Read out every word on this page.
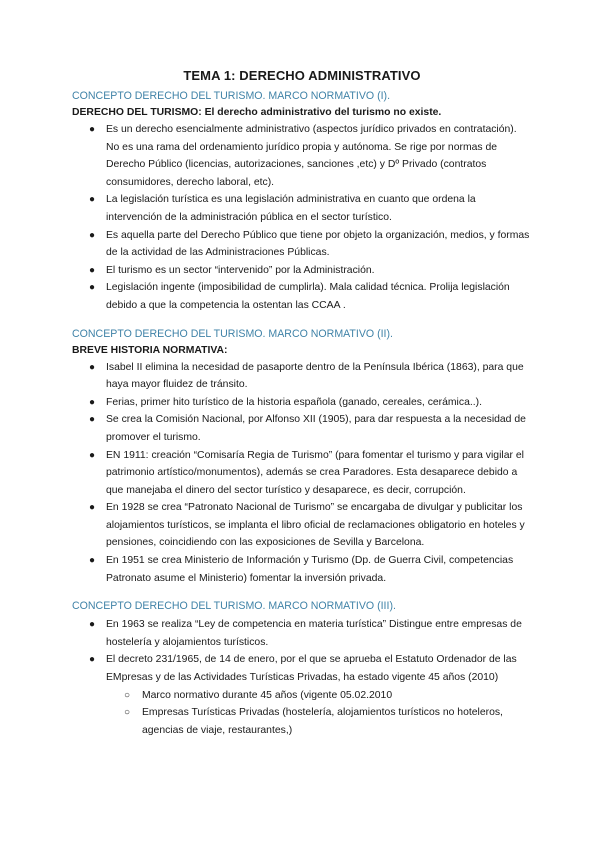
TEMA 1: DERECHO ADMINISTRATIVO
CONCEPTO DERECHO DEL TURISMO. MARCO NORMATIVO (I).
DERECHO DEL TURISMO: El derecho administrativo del turismo no existe.
● Es un derecho esencialmente administrativo (aspectos jurídico privados en contratación). No es una rama del ordenamiento jurídico propia y autónoma. Se rige por normas de Derecho Público (licencias, autorizaciones, sanciones ,etc) y Dº Privado (contratos consumidores, derecho laboral, etc).
● La legislación turística es una legislación administrativa en cuanto que ordena la intervención de la administración pública en el sector turístico.
● Es aquella parte del Derecho Público que tiene por objeto la organización, medios, y formas de la actividad de las Administraciones Públicas.
● El turismo es un sector “intervenido” por la Administración.
● Legislación ingente (imposibilidad de cumplirla). Mala calidad técnica. Prolija legislación debido a que la competencia la ostentan las CCAA .
CONCEPTO DERECHO DEL TURISMO. MARCO NORMATIVO (II).
BREVE HISTORIA NORMATIVA:
● Isabel II elimina la necesidad de pasaporte dentro de la Península Ibérica (1863), para que haya mayor fluidez de tránsito.
● Ferias, primer hito turístico de la historia española (ganado, cereales, cerámica..).
● Se crea la Comisión Nacional, por Alfonso XII (1905), para dar respuesta a la necesidad de promover el turismo.
● EN 1911: creación “Comisaría Regia de Turismo” (para fomentar el turismo y para vigilar el patrimonio artístico/monumentos), además se crea Paradores. Esta desaparece debido a que manejaba el dinero del sector turístico y desaparece, es decir, corrupción.
● En 1928 se crea “Patronato Nacional de Turismo” se encargaba de divulgar y publicitar los alojamientos turísticos, se implanta el libro oficial de reclamaciones obligatorio en hoteles y pensiones, coincidiendo con las exposiciones de Sevilla y Barcelona.
● En 1951 se crea Ministerio de Información y Turismo (Dp. de Guerra Civil, competencias Patronato asume el Ministerio) fomentar la inversión privada.
CONCEPTO DERECHO DEL TURISMO. MARCO NORMATIVO (III).
● En 1963 se realiza “Ley de competencia en materia turística” Distingue entre empresas de hostelería y alojamientos turísticos.
● El decreto 231/1965, de 14 de enero, por el que se aprueba el Estatuto Ordenador de las EMpresas y de las Actividades Turísticas Privadas, ha estado vigente 45 años (2010)
○ Marco normativo durante 45 años (vigente 05.02.2010
○ Empresas Turísticas Privadas (hostelería, alojamientos turísticos no hoteleros, agencias de viaje, restaurantes,)
